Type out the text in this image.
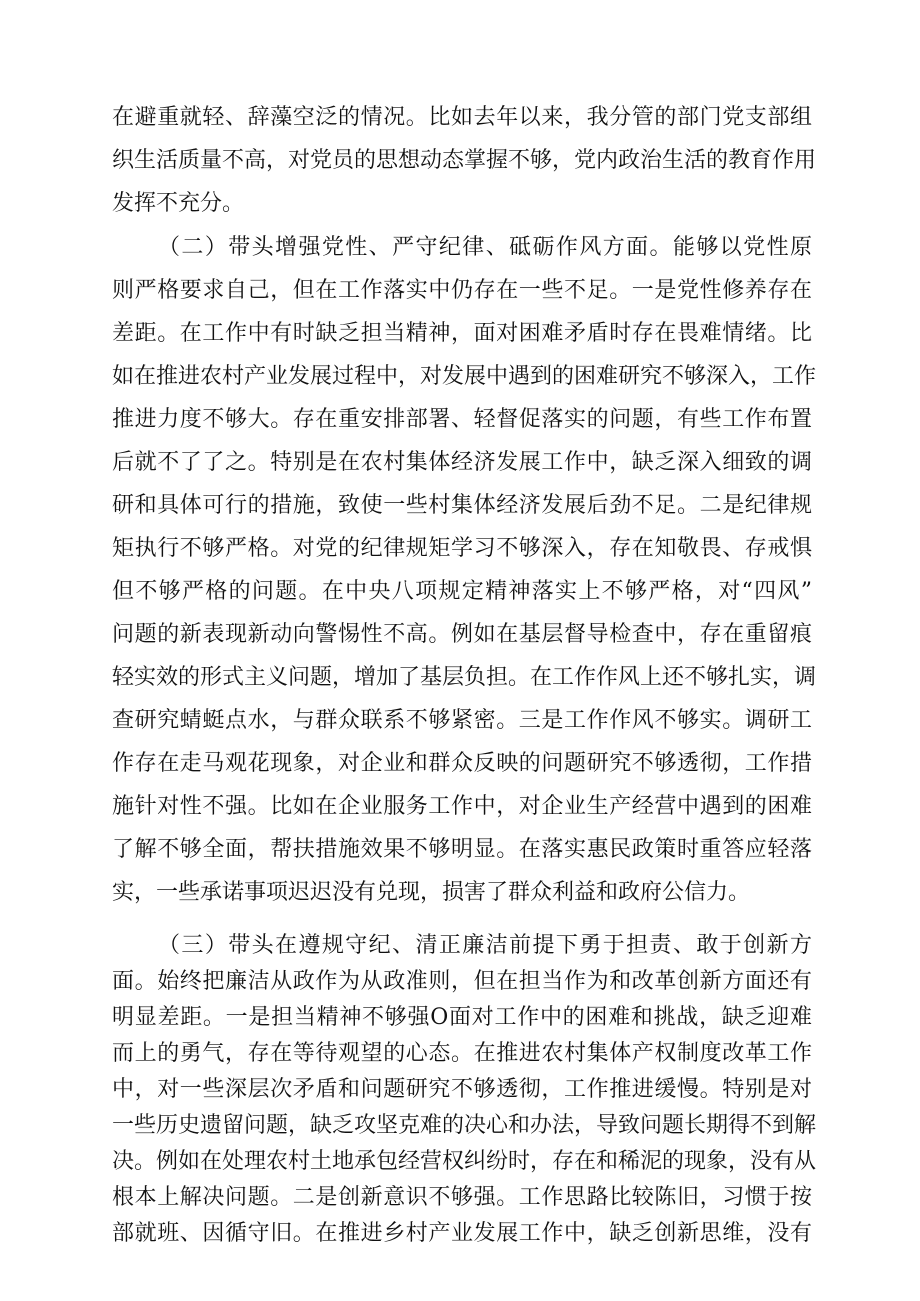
在避重就轻、辞藻空泛的情况。比如去年以来，我分管的部门党支部组
织生活质量不高，对党员的思想动态掌握不够，党内政治生活的教育作用
发挥不充分。
（二）带头增强党性、严守纪律、砥砺作风方面。能够以党性原
则严格要求自己，但在工作落实中仍存在一些不足。一是党性修养存在
差距。在工作中有时缺乏担当精神，面对困难矛盾时存在畏难情绪。比
如在推进农村产业发展过程中，对发展中遇到的困难研究不够深入，工作
推进力度不够大。存在重安排部署、轻督促落实的问题，有些工作布置
后就不了了之。特别是在农村集体经济发展工作中，缺乏深入细致的调
研和具体可行的措施，致使一些村集体经济发展后劲不足。二是纪律规
矩执行不够严格。对党的纪律规矩学习不够深入，存在知敬畏、存戒惧
但不够严格的问题。在中央八项规定精神落实上不够严格，对“四风”
问题的新表现新动向警惕性不高。例如在基层督导检查中，存在重留痕
轻实效的形式主义问题，增加了基层负担。在工作作风上还不够扎实，调
查研究蜻蜓点水，与群众联系不够紧密。三是工作作风不够实。调研工
作存在走马观花现象，对企业和群众反映的问题研究不够透彻，工作措
施针对性不强。比如在企业服务工作中，对企业生产经营中遇到的困难
了解不够全面，帮扶措施效果不够明显。在落实惠民政策时重答应轻落
实，一些承诺事项迟迟没有兑现，损害了群众利益和政府公信力。
（三）带头在遵规守纪、清正廉洁前提下勇于担责、敢于创新方
面。始终把廉洁从政作为从政准则，但在担当作为和改革创新方面还有
明显差距。一是担当精神不够强O面对工作中的困难和挑战，缺乏迎难
而上的勇气，存在等待观望的心态。在推进农村集体产权制度改革工作
中，对一些深层次矛盾和问题研究不够透彻，工作推进缓慢。特别是对
一些历史遗留问题，缺乏攻坚克难的决心和办法，导致问题长期得不到解
决。例如在处理农村土地承包经营权纠纷时，存在和稀泥的现象，没有从
根本上解决问题。二是创新意识不够强。工作思路比较陈旧，习惯于按
部就班、因循守旧。在推进乡村产业发展工作中，缺乏创新思维，没有
